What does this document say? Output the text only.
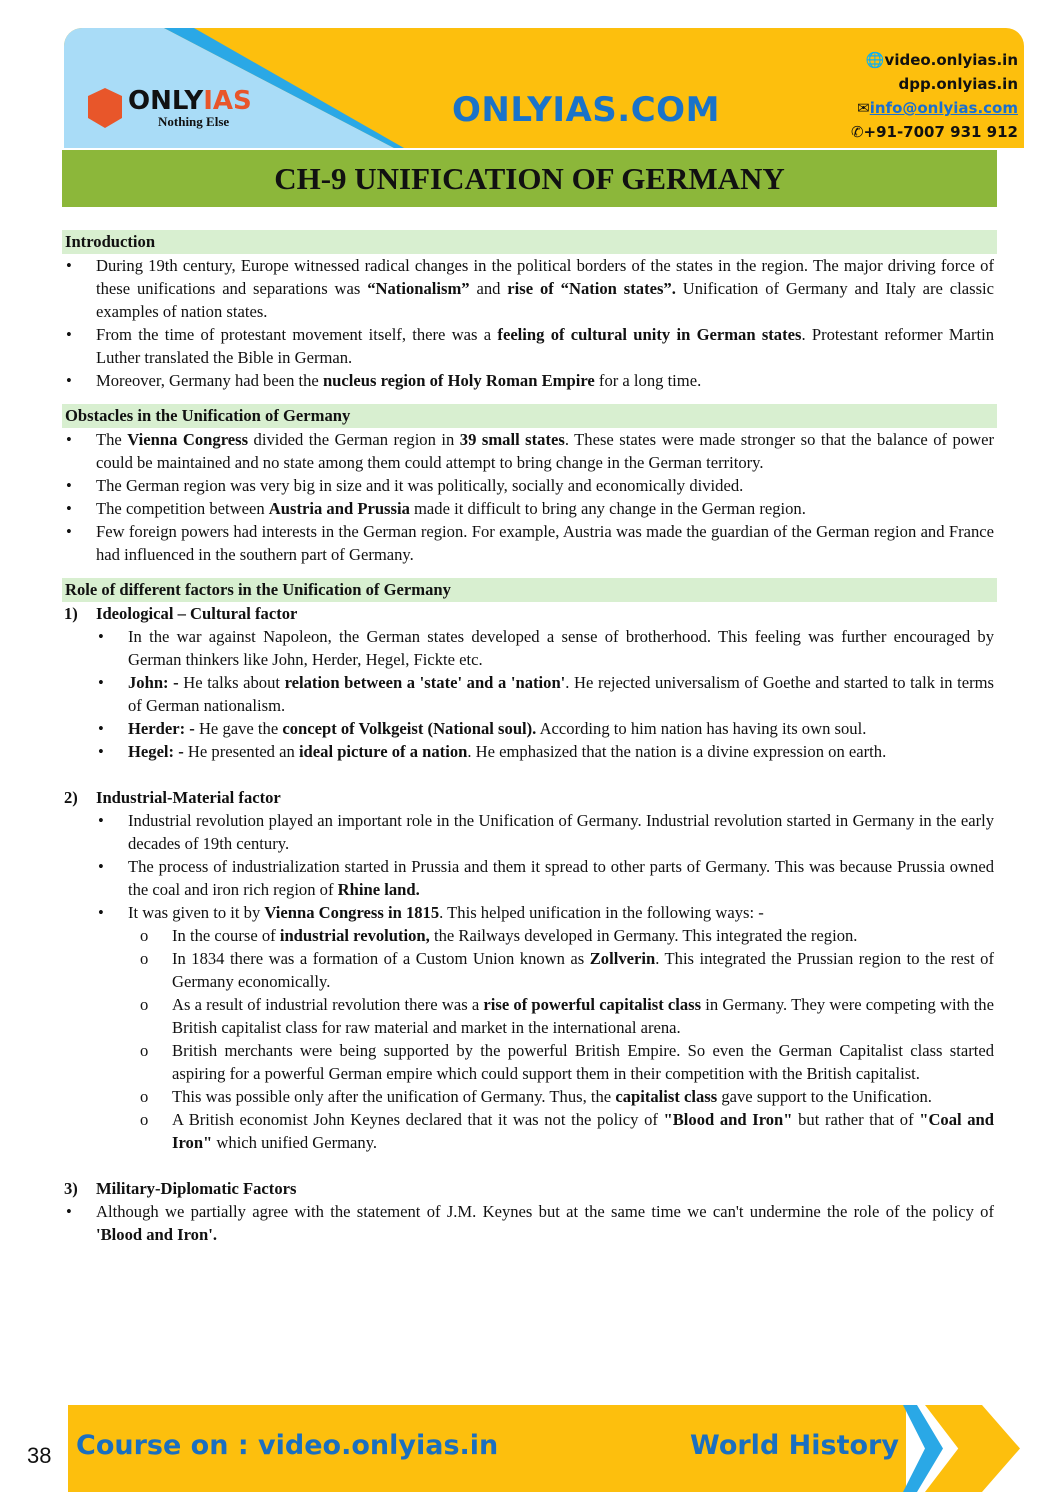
ONLYIAS
Nothing Else	ONLYIAS.COM
🌐video.onlyias.in
dpp.onlyias.in
✉info@onlyias.com
✆+91-7007 931 912
CH-9 UNIFICATION OF GERMANY
Introduction
• During 19th century, Europe witnessed radical changes in the political borders of the states in the region. The major driving force of these unifications and separations was “Nationalism” and rise of “Nation states”. Unification of Germany and Italy are classic examples of nation states.
• From the time of protestant movement itself, there was a feeling of cultural unity in German states. Protestant reformer Martin Luther translated the Bible in German.
• Moreover, Germany had been the nucleus region of Holy Roman Empire for a long time.
Obstacles in the Unification of Germany
• The Vienna Congress divided the German region in 39 small states. These states were made stronger so that the balance of power could be maintained and no state among them could attempt to bring change in the German territory.
• The German region was very big in size and it was politically, socially and economically divided.
• The competition between Austria and Prussia made it difficult to bring any change in the German region.
• Few foreign powers had interests in the German region. For example, Austria was made the guardian of the German region and France had influenced in the southern part of Germany.
Role of different factors in the Unification of Germany
1) Ideological – Cultural factor
• In the war against Napoleon, the German states developed a sense of brotherhood. This feeling was further encouraged by German thinkers like John, Herder, Hegel, Fickte etc.
• John: - He talks about relation between a 'state' and a 'nation'. He rejected universalism of Goethe and started to talk in terms of German nationalism.
• Herder: - He gave the concept of Volkgeist (National soul). According to him nation has having its own soul.
• Hegel: - He presented an ideal picture of a nation. He emphasized that the nation is a divine expression on earth.
2) Industrial-Material factor
• Industrial revolution played an important role in the Unification of Germany. Industrial revolution started in Germany in the early decades of 19th century.
• The process of industrialization started in Prussia and them it spread to other parts of Germany. This was because Prussia owned the coal and iron rich region of Rhine land.
• It was given to it by Vienna Congress in 1815. This helped unification in the following ways: -
o In the course of industrial revolution, the Railways developed in Germany. This integrated the region.
o In 1834 there was a formation of a Custom Union known as Zollverin. This integrated the Prussian region to the rest of Germany economically.
o As a result of industrial revolution there was a rise of powerful capitalist class in Germany. They were competing with the British capitalist class for raw material and market in the international arena.
o British merchants were being supported by the powerful British Empire. So even the German Capitalist class started aspiring for a powerful German empire which could support them in their competition with the British capitalist.
o This was possible only after the unification of Germany. Thus, the capitalist class gave support to the Unification.
o A British economist John Keynes declared that it was not the policy of "Blood and Iron" but rather that of "Coal and Iron" which unified Germany.
3) Military-Diplomatic Factors
• Although we partially agree with the statement of J.M. Keynes but at the same time we can't undermine the role of the policy of 'Blood and Iron'.
Course on : video.onlyias.in	World History
38
